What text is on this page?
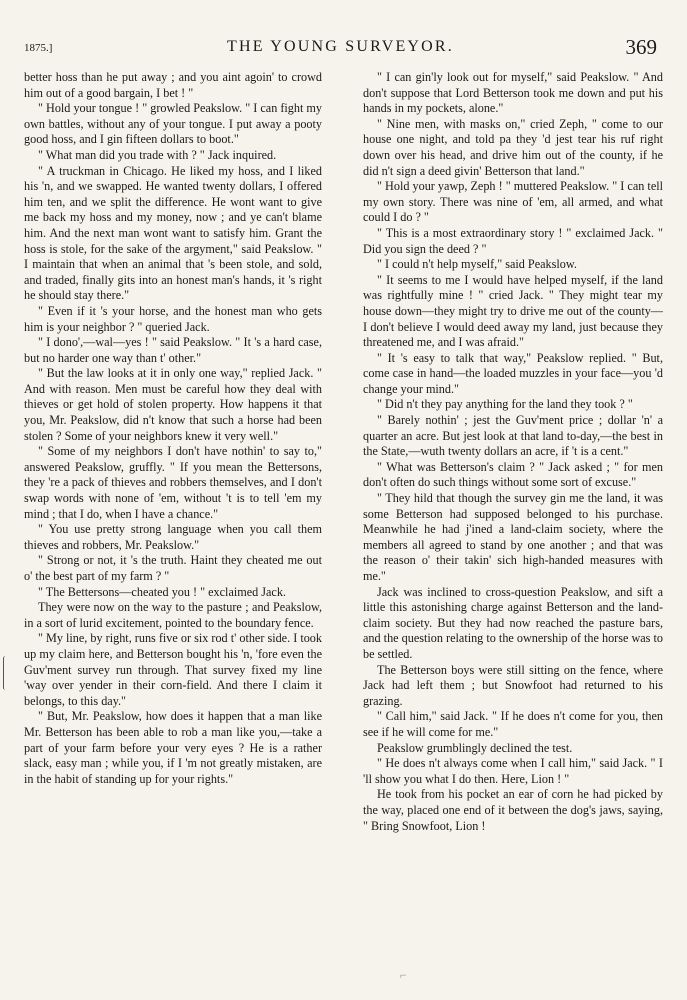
1875.]	THE YOUNG SURVEYOR.	369

better hoss than he put away ; and you aint agoin' to crowd him out of a good bargain, I bet ! "

" Hold your tongue ! " growled Peakslow. " I can fight my own battles, without any of your tongue. I put away a pooty good hoss, and I gin fifteen dollars to boot."

" What man did you trade with ? " Jack inquired.

" A truckman in Chicago. He liked my hoss, and I liked his 'n, and we swapped. He wanted twenty dollars, I offered him ten, and we split the difference. He wont want to give me back my hoss and my money, now ; and ye can't blame him. And the next man wont want to satisfy him. Grant the hoss is stole, for the sake of the argyment," said Peakslow. " I maintain that when an animal that 's been stole, and sold, and traded, finally gits into an honest man's hands, it 's right he should stay there."

" Even if it 's your horse, and the honest man who gets him is your neighbor ? " queried Jack.

" I dono',—wal—yes ! " said Peakslow. " It 's a hard case, but no harder one way than t' other."

" But the law looks at it in only one way," replied Jack. " And with reason. Men must be careful how they deal with thieves or get hold of stolen property. How happens it that you, Mr. Peakslow, did n't know that such a horse had been stolen ? Some of your neighbors knew it very well."

" Some of my neighbors I don't have nothin' to say to," answered Peakslow, gruffly. " If you mean the Bettersons, they 're a pack of thieves and robbers themselves, and I don't swap words with none of 'em, without 't is to tell 'em my mind ; that I do, when I have a chance."

" You use pretty strong language when you call them thieves and robbers, Mr. Peakslow."

" Strong or not, it 's the truth. Haint they cheated me out o' the best part of my farm ? "

" The Bettersons—cheated you ! " exclaimed Jack.

They were now on the way to the pasture ; and Peakslow, in a sort of lurid excitement, pointed to the boundary fence.

" My line, by right, runs five or six rod t' other side. I took up my claim here, and Betterson bought his 'n, 'fore even the Guv'ment survey run through. That survey fixed my line 'way over yender in their corn-field. And there I claim it belongs, to this day."

" But, Mr. Peakslow, how does it happen that a man like Mr. Betterson has been able to rob a man like you,—take a part of your farm before your very eyes ? He is a rather slack, easy man ; while you, if I 'm not greatly mistaken, are in the habit of standing up for your rights."

" I can gin'ly look out for myself," said Peakslow. " And don't suppose that Lord Betterson took me down and put his hands in my pockets, alone."

" Nine men, with masks on," cried Zeph, " come to our house one night, and told pa they 'd jest tear his ruf right down over his head, and drive him out of the county, if he did n't sign a deed givin' Betterson that land."

" Hold your yawp, Zeph ! " muttered Peakslow. " I can tell my own story. There was nine of 'em, all armed, and what could I do ? "

" This is a most extraordinary story ! " exclaimed Jack. " Did you sign the deed ? "

" I could n't help myself," said Peakslow.

" It seems to me I would have helped myself, if the land was rightfully mine ! " cried Jack. " They might tear my house down—they might try to drive me out of the county—I don't believe I would deed away my land, just because they threatened me, and I was afraid."

" It 's easy to talk that way," Peakslow replied. " But, come case in hand—the loaded muzzles in your face—you 'd change your mind."

" Did n't they pay anything for the land they took ? "

" Barely nothin' ; jest the Guv'ment price ; dollar 'n' a quarter an acre. But jest look at that land to-day,—the best in the State,—wuth twenty dollars an acre, if 't is a cent."

" What was Betterson's claim ? " Jack asked ; " for men don't often do such things without some sort of excuse."

" They hild that though the survey gin me the land, it was some Betterson had supposed belonged to his purchase. Meanwhile he had j'ined a land-claim society, where the members all agreed to stand by one another ; and that was the reason o' their takin' sich high-handed measures with me."

Jack was inclined to cross-question Peakslow, and sift a little this astonishing charge against Betterson and the land-claim society. But they had now reached the pasture bars, and the question relating to the ownership of the horse was to be settled.

The Betterson boys were still sitting on the fence, where Jack had left them ; but Snowfoot had returned to his grazing.

" Call him," said Jack. " If he does n't come for you, then see if he will come for me."

Peakslow grumblingly declined the test.

" He does n't always come when I call him," said Jack. " I 'll show you what I do then. Here, Lion ! "

He took from his pocket an ear of corn he had picked by the way, placed one end of it between the dog's jaws, saying, " Bring Snowfoot, Lion !

⌐
